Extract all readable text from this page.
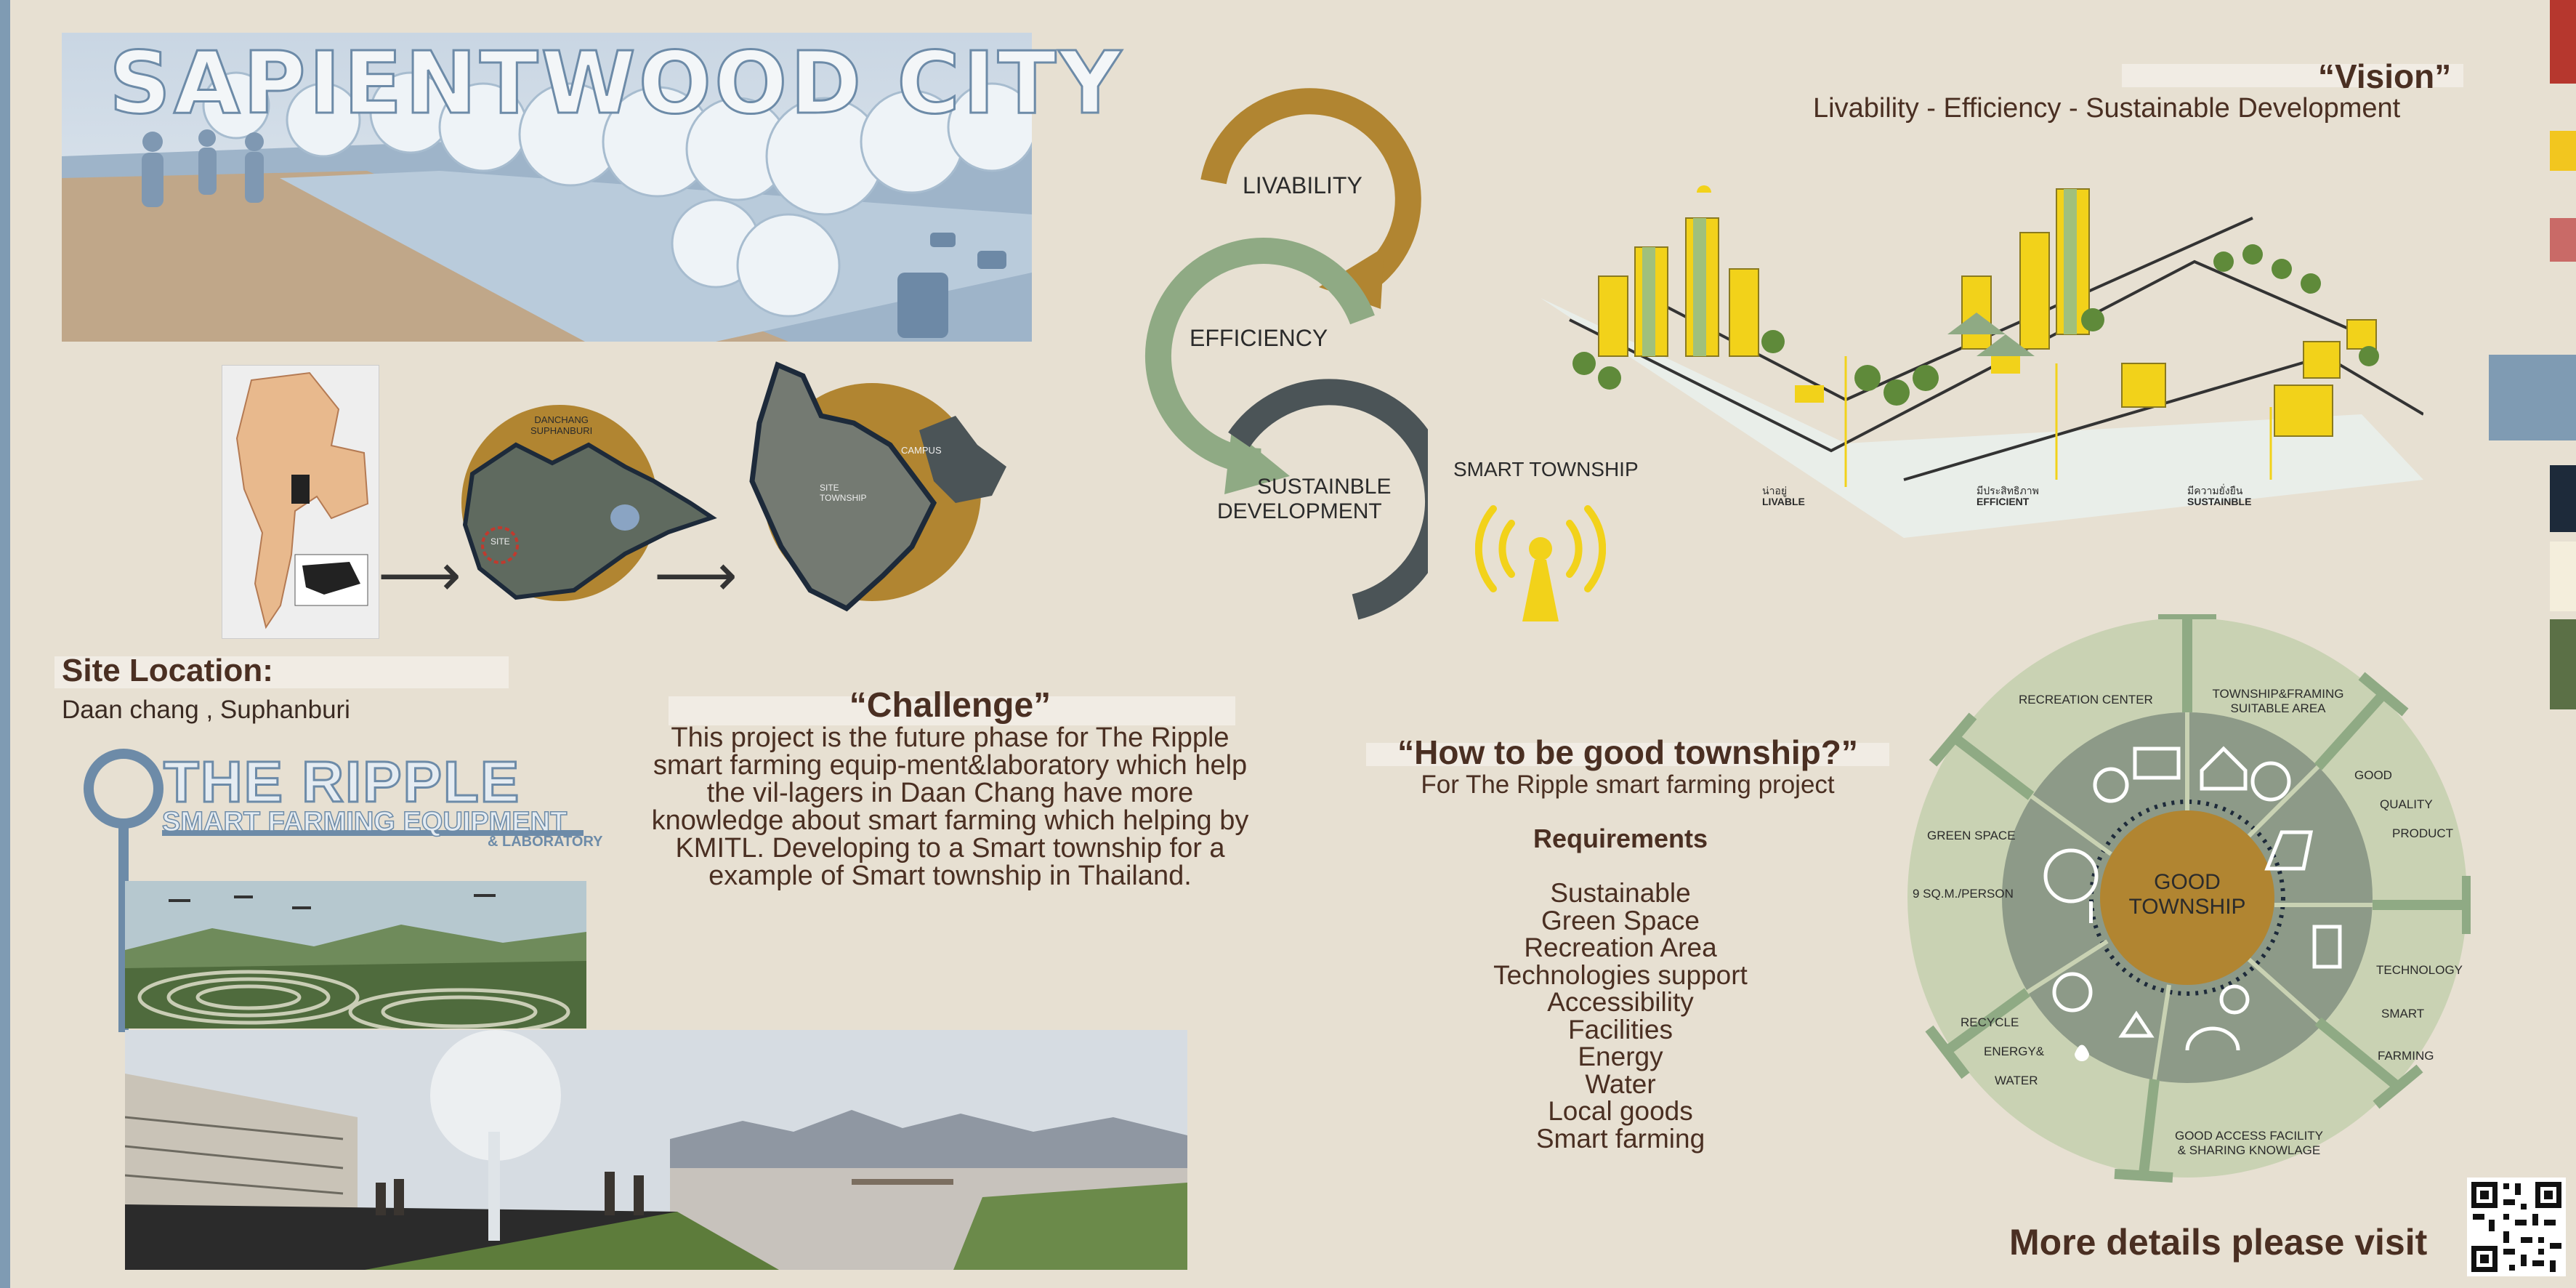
SAPIENTWOOD CITY
⟶
DANCHANG
SUPHANBURI
SITE
⟶
CAMPUS
SITE
TOWNSHIP
Site Location:
Daan chang , Suphanburi
THE RIPPLE
SMART FARMING EQUIPMENT
& LABORATORY
“Challenge”
This project is the future phase for The Ripple smart farming equip-ment&laboratory which help the vil-lagers in Daan Chang have more knowledge about smart farming which helping by KMITL. Developing to a Smart township for a example of Smart township in Thailand.
LIVABILITY
EFFICIENCY
SUSTAINBLE
DEVELOPMENT
SMART TOWNSHIP
“Vision”
Livability - Efficiency - Sustainable Development
น่าอยู่
LIVABLE
มีประสิทธิภาพ
EFFICIENT
มีความยั่งยืน
SUSTAINBLE
“How to be good township?”
For The Ripple smart farming project
Requirements
Sustainable
Green Space
Recreation Area
Technologies support
Accessibility
Facilities
Energy
Water
Local goods
Smart farming
GOOD
TOWNSHIP
RECREATION CENTER	TOWNSHIP&FRAMING
SUITABLE AREA
GOOD
QUALITY
PRODUCT
GREEN SPACE
9 SQ.M./PERSON
TECHNOLOGY
SMART
FARMING
RECYCLE
ENERGY&
WATER
GOOD ACCESS FACILITY
& SHARING KNOWLAGE
More details please visit
